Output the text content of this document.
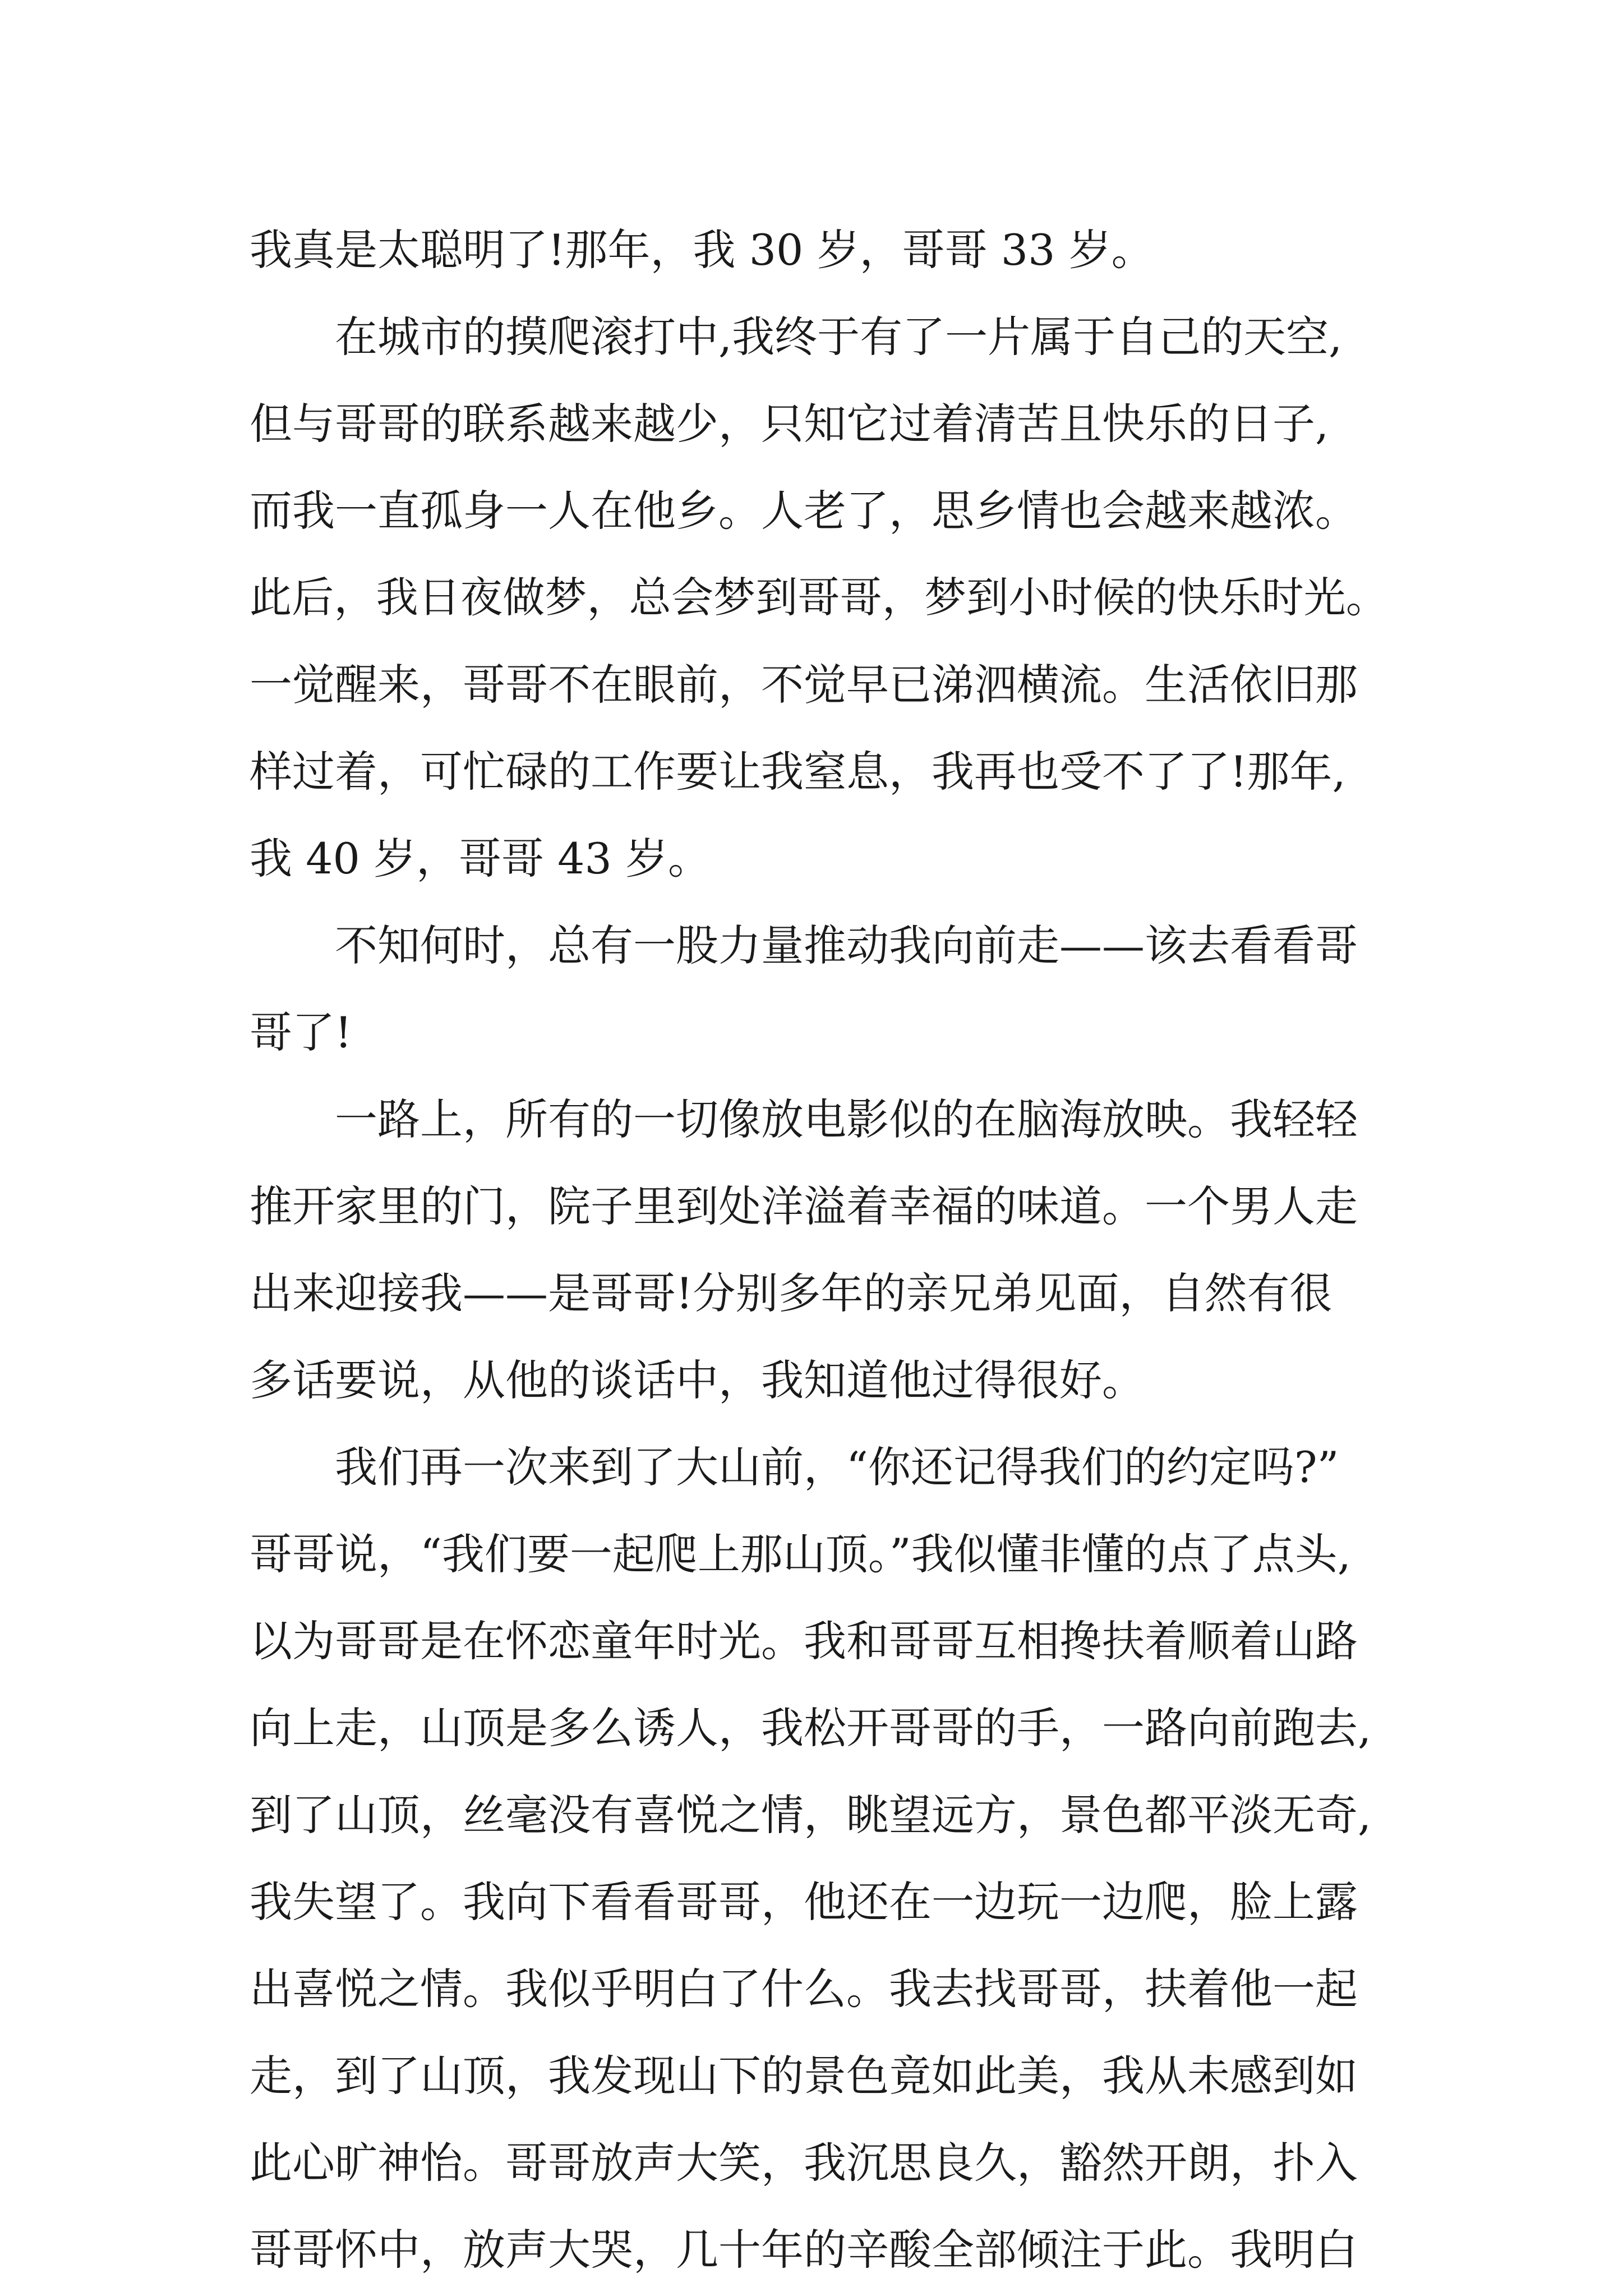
我真是太聪明了!那年，我 30 岁，哥哥 33 岁。
在城市的摸爬滚打中,我终于有了一片属于自己的天空,
但与哥哥的联系越来越少，只知它过着清苦且快乐的日子,
而我一直孤身一人在他乡。人老了，思乡情也会越来越浓。
此后，我日夜做梦，总会梦到哥哥，梦到小时候的快乐时光。
一觉醒来，哥哥不在眼前，不觉早已涕泗横流。生活依旧那
样过着，可忙碌的工作要让我窒息，我再也受不了了!那年,
我 40 岁，哥哥 43 岁。
不知何时，总有一股力量推动我向前走——该去看看哥
哥了!
一路上，所有的一切像放电影似的在脑海放映。我轻轻
推开家里的门，院子里到处洋溢着幸福的味道。一个男人走
出来迎接我——是哥哥!分别多年的亲兄弟见面，自然有很
多话要说，从他的谈话中，我知道他过得很好。
我们再一次来到了大山前，“你还记得我们的约定吗?”
哥哥说，“我们要一起爬上那山顶。”我似懂非懂的点了点头,
以为哥哥是在怀恋童年时光。我和哥哥互相搀扶着顺着山路
向上走，山顶是多么诱人，我松开哥哥的手，一路向前跑去,
到了山顶，丝毫没有喜悦之情，眺望远方，景色都平淡无奇,
我失望了。我向下看看哥哥，他还在一边玩一边爬，脸上露
出喜悦之情。我似乎明白了什么。我去找哥哥，扶着他一起
走，到了山顶，我发现山下的景色竟如此美，我从未感到如
此心旷神怡。哥哥放声大笑，我沉思良久，豁然开朗，扑入
哥哥怀中，放声大哭，几十年的辛酸全部倾注于此。我明白
